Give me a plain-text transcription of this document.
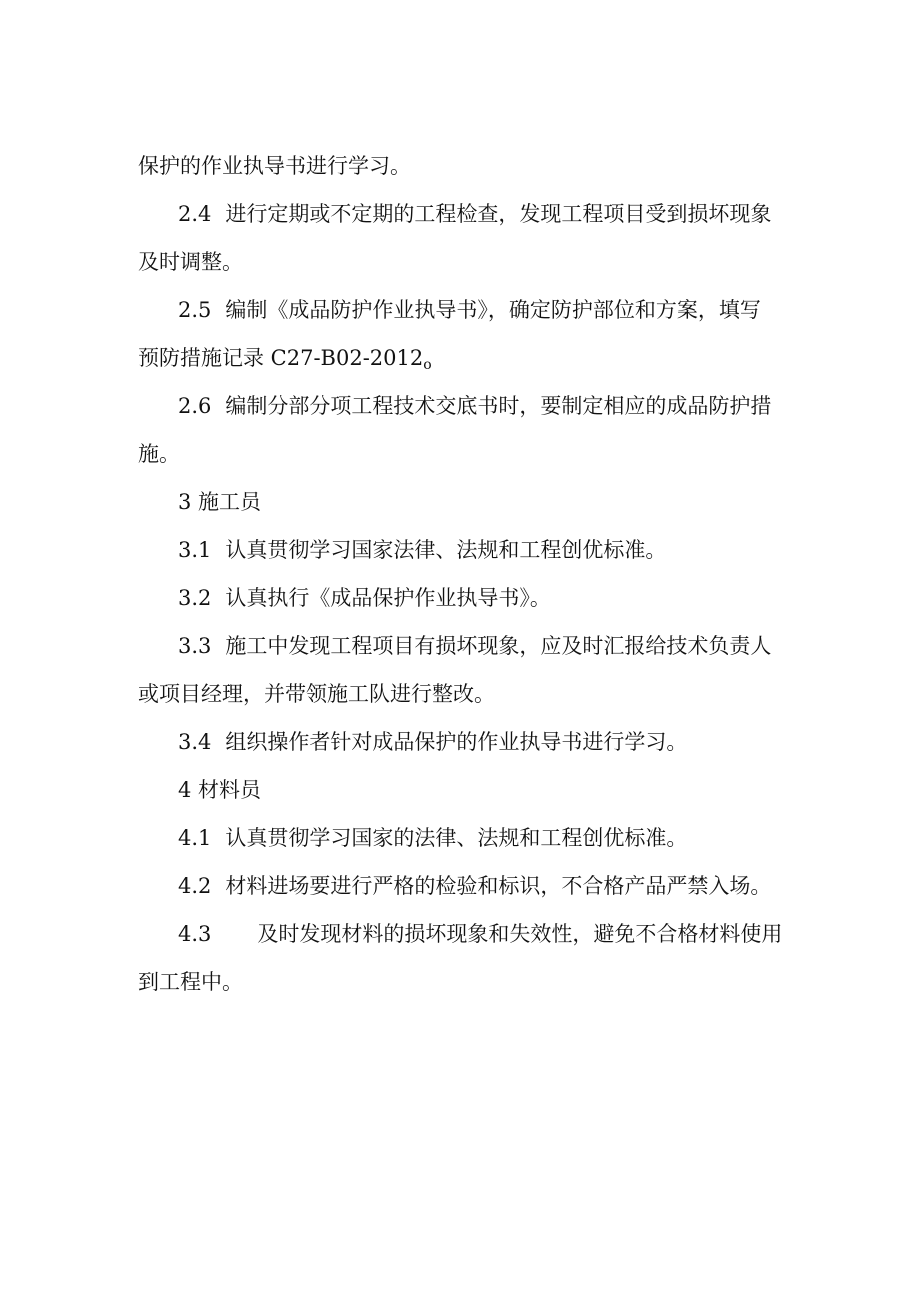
保护的作业执导书进行学习。
2.4 进行定期或不定期的工程检查，发现工程项目受到损坏现象
及时调整。
2.5 编制《成品防护作业执导书》，确定防护部位和方案，填写
预防措施记录 $C27-B02-2012_o$
2.6 编制分部分项工程技术交底书时，要制定相应的成品防护措
施。
3 施工员
3.1 认真贯彻学习国家法律、法规和工程创优标准。
3.2 认真执行《成品保护作业执导书》。
3.3 施工中发现工程项目有损坏现象，应及时汇报给技术负责人
或项目经理，并带领施工队进行整改。
3.4 组织操作者针对成品保护的作业执导书进行学习。
4 材料员
4.1 认真贯彻学习国家的法律、法规和工程创优标准。
4.2 材料进场要进行严格的检验和标识，不合格产品严禁入场。
4.3 及时发现材料的损坏现象和失效性，避免不合格材料使用
到工程中。
